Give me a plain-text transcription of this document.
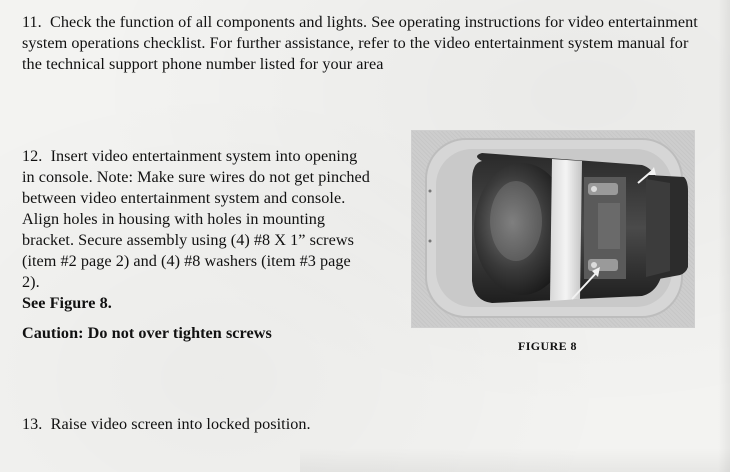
11. Check the function of all components and lights. See operating instructions for video entertainment system operations checklist. For further assistance, refer to the video entertainment system manual for the technical support phone number listed for your area
12. Insert video entertainment system into opening in console. Note: Make sure wires do not get pinched between video entertainment system and console. Align holes in housing with holes in mounting bracket. Secure assembly using (4) #8 X 1” screws (item #2 page 2) and (4) #8 washers (item #3 page 2).
See Figure 8.
Caution: Do not over tighten screws
FIGURE 8
13. Raise video screen into locked position.
